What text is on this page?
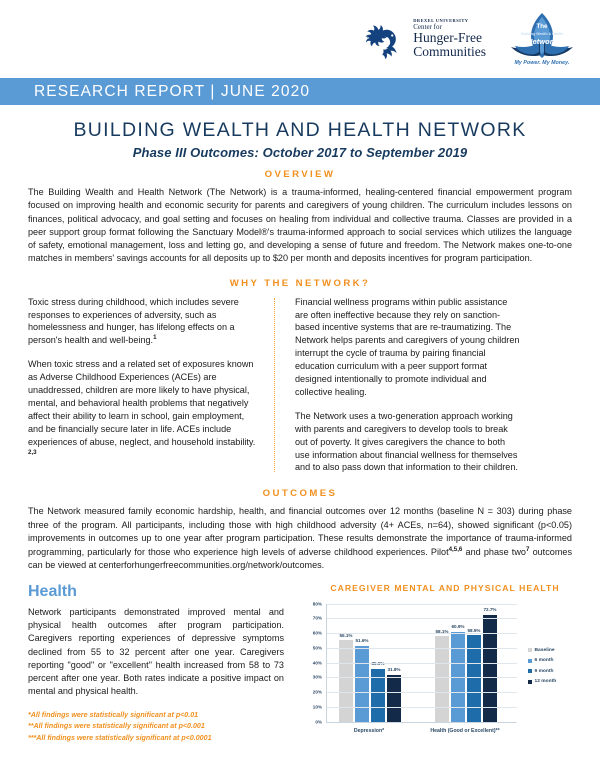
DREXEL UNIVERSITY
Center for
Hunger-Free
Communities
The
Building Wealth & Health
Network
My Power. My Money.
RESEARCH REPORT | JUNE 2020
BUILDING WEALTH AND HEALTH NETWORK
Phase III Outcomes: October 2017 to September 2019
OVERVIEW
The Building Wealth and Health Network (The Network) is a trauma-informed, healing-centered financial empowerment program focused on improving health and economic security for parents and caregivers of young children. The curriculum includes lessons on finances, political advocacy, and goal setting and focuses on healing from individual and collective trauma. Classes are provided in a peer support group format following the Sanctuary Model®'s trauma-informed approach to social services which utilizes the language of safety, emotional management, loss and letting go, and developing a sense of future and freedom. The Network makes one-to-one matches in members' savings accounts for all deposits up to $20 per month and deposits incentives for program participation.
WHY THE NETWORK?

Toxic stress during childhood, which includes severe responses to experiences of adversity, such as homelessness and hunger, has lifelong effects on a person's health and well-being.$^1$

When toxic stress and a related set of exposures known as Adverse Childhood Experiences (ACEs) are unaddressed, children are more likely to have physical, mental, and behavioral health problems that negatively affect their ability to learn in school, gain employment, and be financially secure later in life. ACEs include experiences of abuse, neglect, and household instability. $^{2,3}$

Financial wellness programs within public assistance are often ineffective because they rely on sanction-based incentive systems that are re-traumatizing. The Network helps parents and caregivers of young children interrupt the cycle of trauma by pairing financial education curriculum with a peer support format designed intentionally to promote individual and collective healing.

The Network uses a two-generation approach working with parents and caregivers to develop tools to break out of poverty. It gives caregivers the chance to both use information about financial wellness for themselves and to also pass down that information to their children.

OUTCOMES
The Network measured family economic hardship, health, and financial outcomes over 12 months (baseline N = 303) during phase three of the program. All participants, including those with high childhood adversity (4+ ACEs, n=64), showed significant (p<0.05) improvements in outcomes up to one year after program participation. These results demonstrate the importance of trauma-informed programming, particularly for those who experience high levels of adverse childhood experiences. Pilot$^{4,5,6}$ and phase two$^7$ outcomes can be viewed at centerforhungerfreecommunities.org/network/outcomes.
Health
Network participants demonstrated improved mental and physical health outcomes after program participation. Caregivers reporting experiences of depressive symptoms declined from 55 to 32 percent after one year. Caregivers reporting "good" or "excellent" health increased from 58 to 73 percent after one year. Both rates indicate a positive impact on mental and physical health.
*All findings were statistically significant at p<0.01
**All findings were statistically significant at p<0.001
***All findings were statistically significant at p<0.0001
CAREGIVER MENTAL AND PHYSICAL HEALTH
80%
70%
60%
50%
40%
30%
20%
10%
0%
55.1%
51.6%
35.9%
31.8%
58.1%
60.9%
58.5%
72.7%
Depression*	Health (Good or Excellent)**
Baseline
6 month
9 month
12 month
